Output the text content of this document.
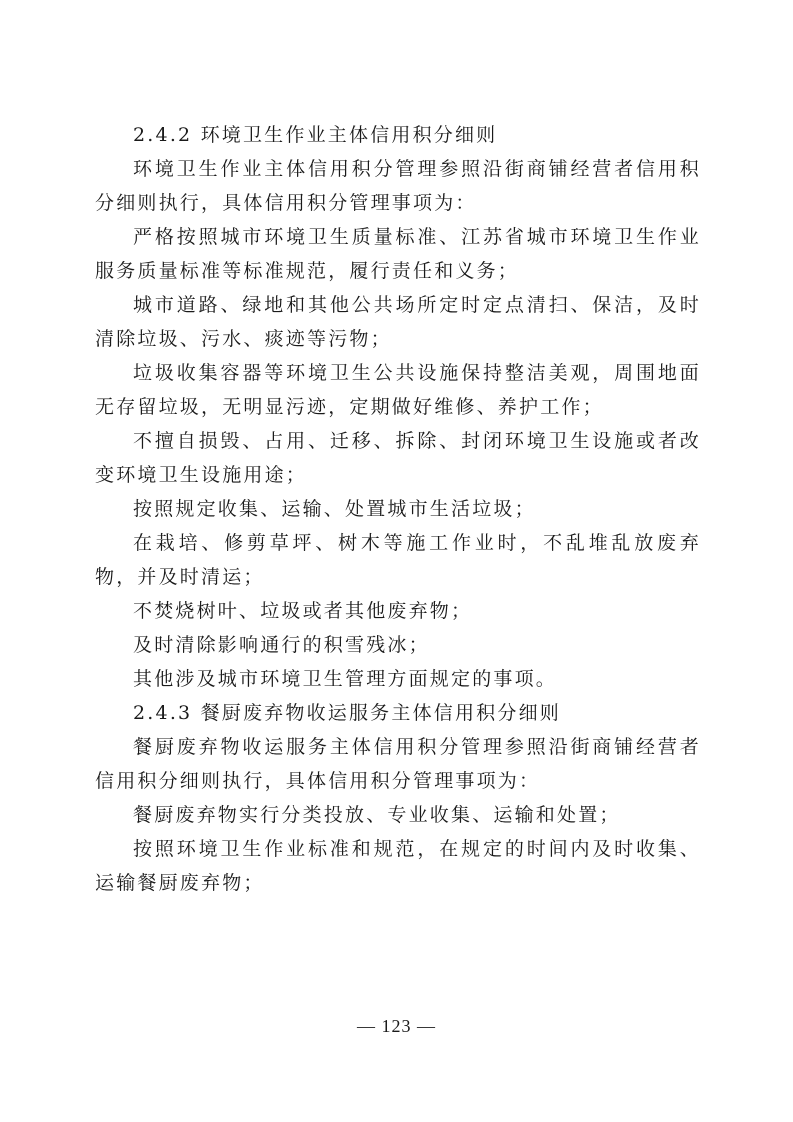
2.4.2 环境卫生作业主体信用积分细则

环境卫生作业主体信用积分管理参照沿街商铺经营者信用积分细则执行，具体信用积分管理事项为：

严格按照城市环境卫生质量标准、江苏省城市环境卫生作业服务质量标准等标准规范，履行责任和义务；

城市道路、绿地和其他公共场所定时定点清扫、保洁，及时清除垃圾、污水、痰迹等污物；

垃圾收集容器等环境卫生公共设施保持整洁美观，周围地面无存留垃圾，无明显污迹，定期做好维修、养护工作；

不擅自损毁、占用、迁移、拆除、封闭环境卫生设施或者改变环境卫生设施用途；

按照规定收集、运输、处置城市生活垃圾；

在栽培、修剪草坪、树木等施工作业时，不乱堆乱放废弃物，并及时清运；

不焚烧树叶、垃圾或者其他废弃物；

及时清除影响通行的积雪残冰；

其他涉及城市环境卫生管理方面规定的事项。

2.4.3 餐厨废弃物收运服务主体信用积分细则

餐厨废弃物收运服务主体信用积分管理参照沿街商铺经营者信用积分细则执行，具体信用积分管理事项为：

餐厨废弃物实行分类投放、专业收集、运输和处置；

按照环境卫生作业标准和规范，在规定的时间内及时收集、运输餐厨废弃物；

— 123 —
